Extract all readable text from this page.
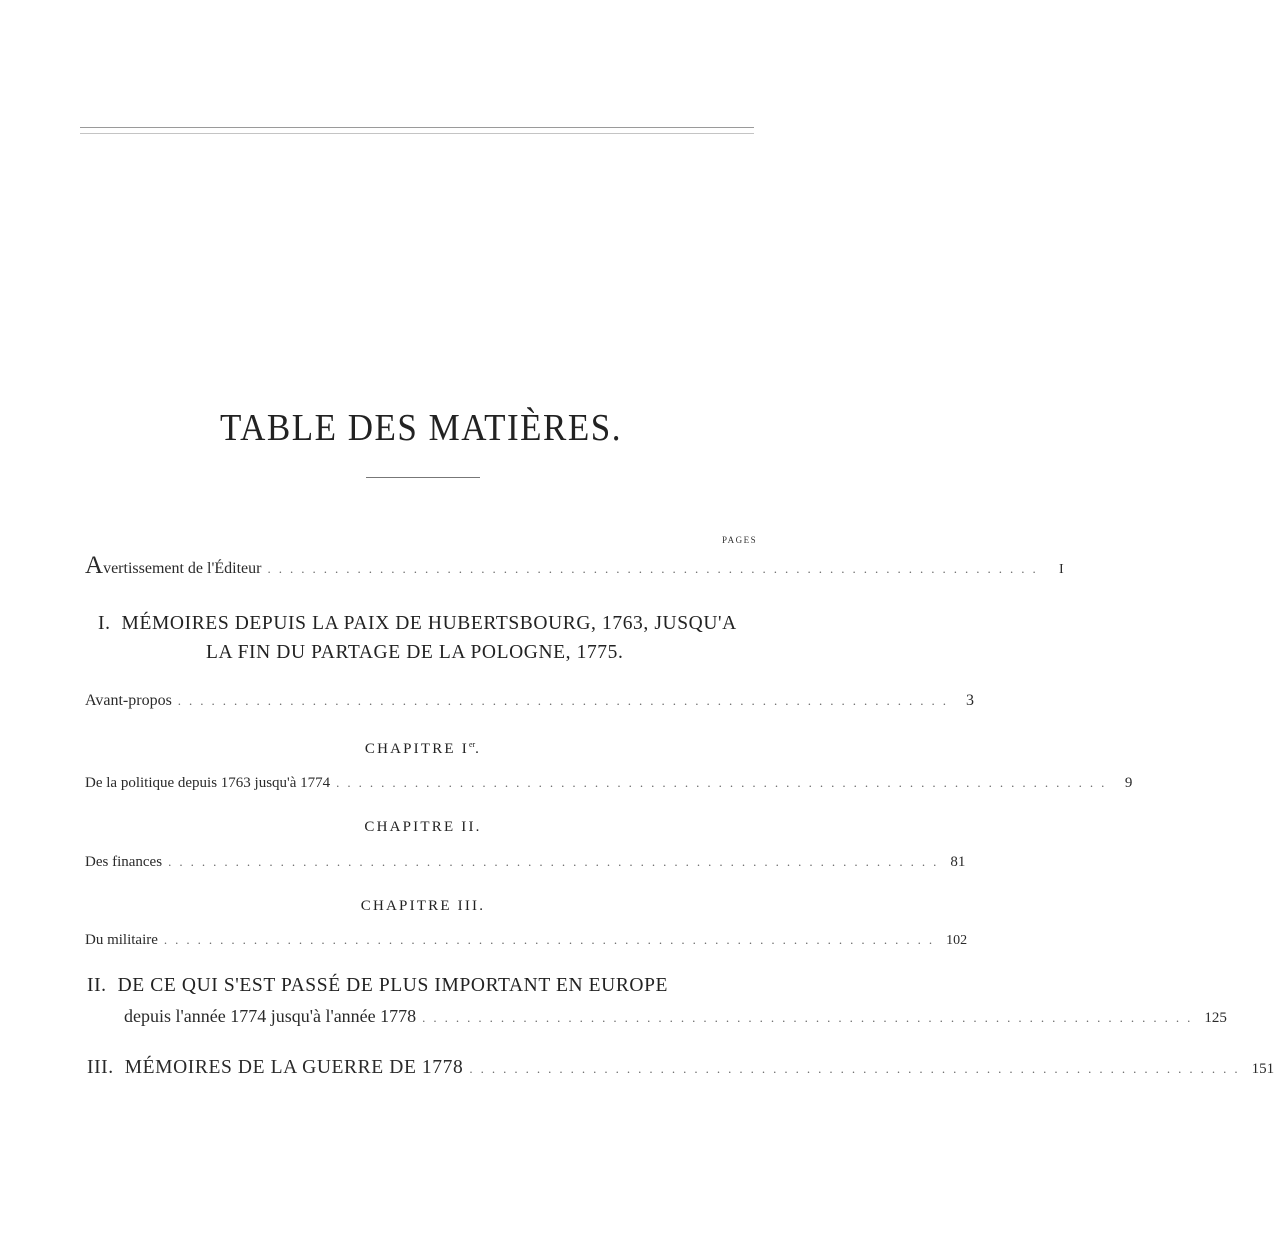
TABLE DES MATIÈRES.
PAGES
Avertissement de l'Éditeur .....................................................................	I
I. MÉMOIRES DEPUIS LA PAIX DE HUBERTSBOURG, 1763, JUSQU'A
LA FIN DU PARTAGE DE LA POLOGNE, 1775.
Avant-propos ..................................................................... 3
CHAPITRE Ier.
De la politique depuis 1763 jusqu'à 1774 ..................................................................... 9
CHAPITRE II.
Des finances ..................................................................... 81
CHAPITRE III.
Du militaire ..................................................................... 102
II. DE CE QUI S'EST PASSÉ DE PLUS IMPORTANT EN EUROPE
depuis l'année 1774 jusqu'à l'année 1778 ..................................................................... 125
III. MÉMOIRES DE LA GUERRE DE 1778 ..................................................................... 151
